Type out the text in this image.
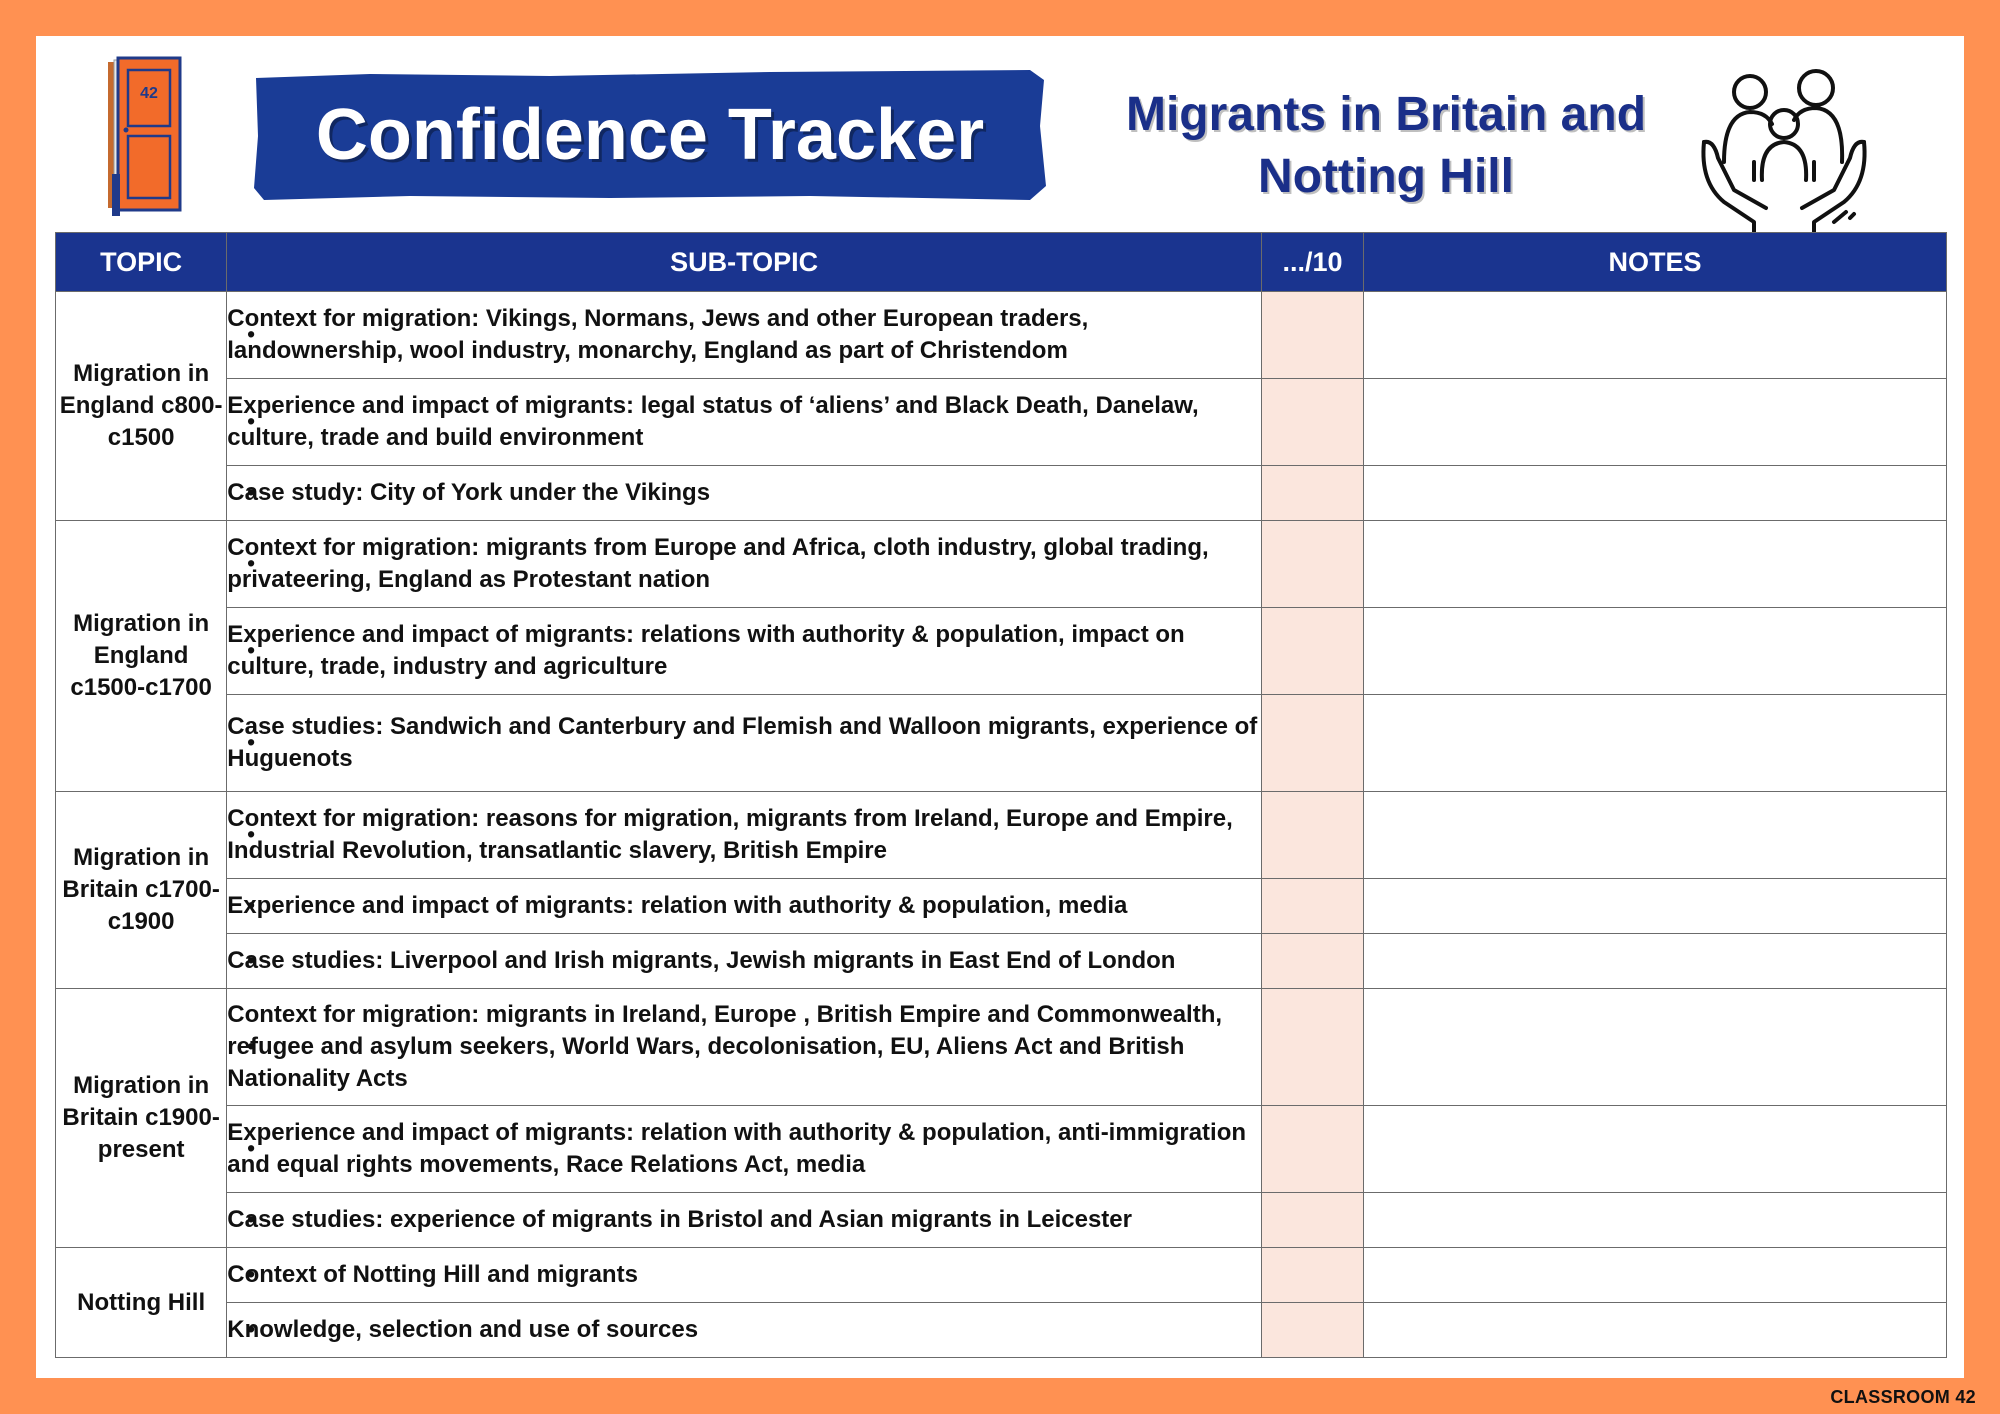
42
Confidence Tracker	Migrants in Britain and
Notting Hill
TOPIC	SUB-TOPIC	.../10	NOTES
Migration in England c800-c1500	• Context for migration: Vikings, Normans, Jews and other European traders, landownership, wool industry, monarchy, England as part of Christendom		
	• Experience and impact of migrants: legal status of ‘aliens’ and Black Death, Danelaw, culture, trade and build environment		
	• Case study: City of York under the Vikings		
Migration in England c1500-c1700	• Context for migration: migrants from Europe and Africa, cloth industry, global trading, privateering, England as Protestant nation		
	• Experience and impact of migrants: relations with authority & population, impact on culture, trade, industry and agriculture		
	• Case studies: Sandwich and Canterbury and Flemish and Walloon migrants, experience of Huguenots		
Migration in Britain c1700-c1900	• Context for migration: reasons for migration, migrants from Ireland, Europe and Empire, Industrial Revolution, transatlantic slavery, British Empire		
	• Experience and impact of migrants: relation with authority & population, media		
	• Case studies: Liverpool and Irish migrants, Jewish migrants in East End of London		
Migration in Britain c1900-present	• Context for migration: migrants in Ireland, Europe , British Empire and Commonwealth, refugee and asylum seekers, World Wars, decolonisation, EU, Aliens Act and British Nationality Acts		
	• Experience and impact of migrants: relation with authority & population, anti-immigration and equal rights movements, Race Relations Act, media		
	• Case studies: experience of migrants in Bristol and Asian migrants in Leicester		
Notting Hill	• Context of Notting Hill and migrants		
	• Knowledge, selection and use of sources		
CLASSROOM 42
